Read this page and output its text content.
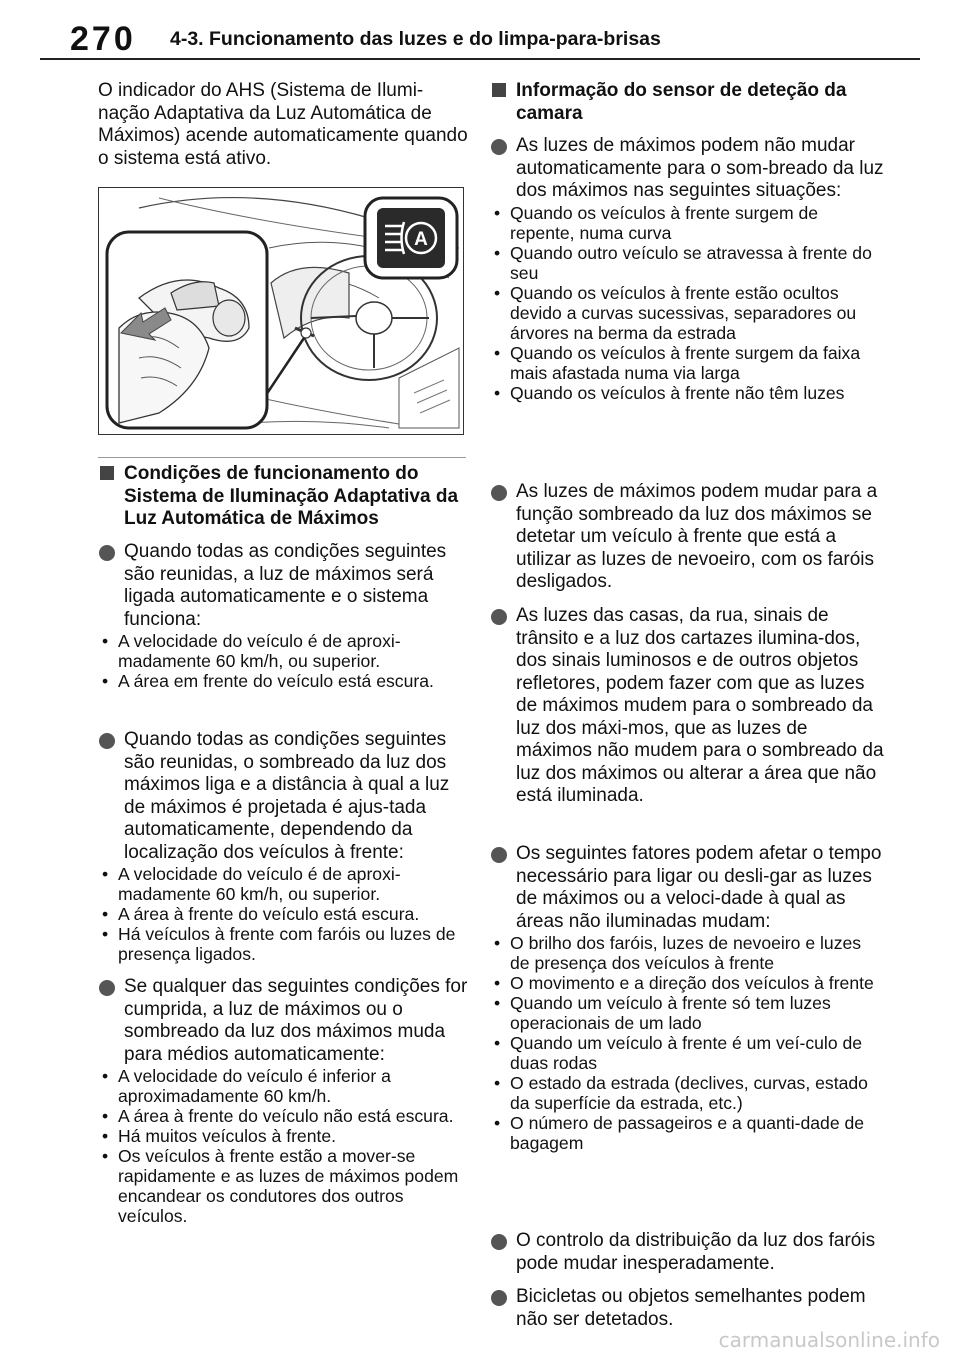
270 4-3. Funcionamento das luzes e do limpa-para-brisas
O indicador do AHS (Sistema de Ilumi-nação Adaptativa da Luz Automática de Máximos) acende automaticamente quando o sistema está ativo.
A
Condições de funcionamento do Sistema de Iluminação Adaptativa da Luz Automática de Máximos
Quando todas as condições seguintes são reunidas, a luz de máximos será ligada automaticamente e o sistema funciona:
• A velocidade do veículo é de aproxi-madamente 60 km/h, ou superior.
• A área em frente do veículo está escura.
Quando todas as condições seguintes são reunidas, o sombreado da luz dos máximos liga e a distância à qual a luz de máximos é projetada é ajus-tada automaticamente, dependendo da localização dos veículos à frente:
• A velocidade do veículo é de aproxi-madamente 60 km/h, ou superior.
• A área à frente do veículo está escura.
• Há veículos à frente com faróis ou luzes de presença ligados.
Se qualquer das seguintes condições for cumprida, a luz de máximos ou o sombreado da luz dos máximos muda para médios automaticamente:
• A velocidade do veículo é inferior a aproximadamente 60 km/h.
• A área à frente do veículo não está escura.
• Há muitos veículos à frente.
• Os veículos à frente estão a mover-se rapidamente e as luzes de máximos podem encandear os condutores dos outros veículos.
Informação do sensor de deteção da camara
As luzes de máximos podem não mudar automaticamente para o som-breado da luz dos máximos nas seguintes situações:
• Quando os veículos à frente surgem de repente, numa curva
• Quando outro veículo se atravessa à frente do seu
• Quando os veículos à frente estão ocultos devido a curvas sucessivas, separadores ou árvores na berma da estrada
• Quando os veículos à frente surgem da faixa mais afastada numa via larga
• Quando os veículos à frente não têm luzes
As luzes de máximos podem mudar para a função sombreado da luz dos máximos se detetar um veículo à frente que está a utilizar as luzes de nevoeiro, com os faróis desligados.
As luzes das casas, da rua, sinais de trânsito e a luz dos cartazes ilumina-dos, dos sinais luminosos e de outros objetos refletores, podem fazer com que as luzes de máximos mudem para o sombreado da luz dos máxi-mos, que as luzes de máximos não mudem para o sombreado da luz dos máximos ou alterar a área que não está iluminada.
Os seguintes fatores podem afetar o tempo necessário para ligar ou desli-gar as luzes de máximos ou a veloci-dade à qual as áreas não iluminadas mudam:
• O brilho dos faróis, luzes de nevoeiro e luzes de presença dos veículos à frente
• O movimento e a direção dos veículos à frente
• Quando um veículo à frente só tem luzes operacionais de um lado
• Quando um veículo à frente é um veí-culo de duas rodas
• O estado da estrada (declives, curvas, estado da superfície da estrada, etc.)
• O número de passageiros e a quanti-dade de bagagem
O controlo da distribuição da luz dos faróis pode mudar inesperadamente.
Bicicletas ou objetos semelhantes podem não ser detetados.
carmanualsonline.info
